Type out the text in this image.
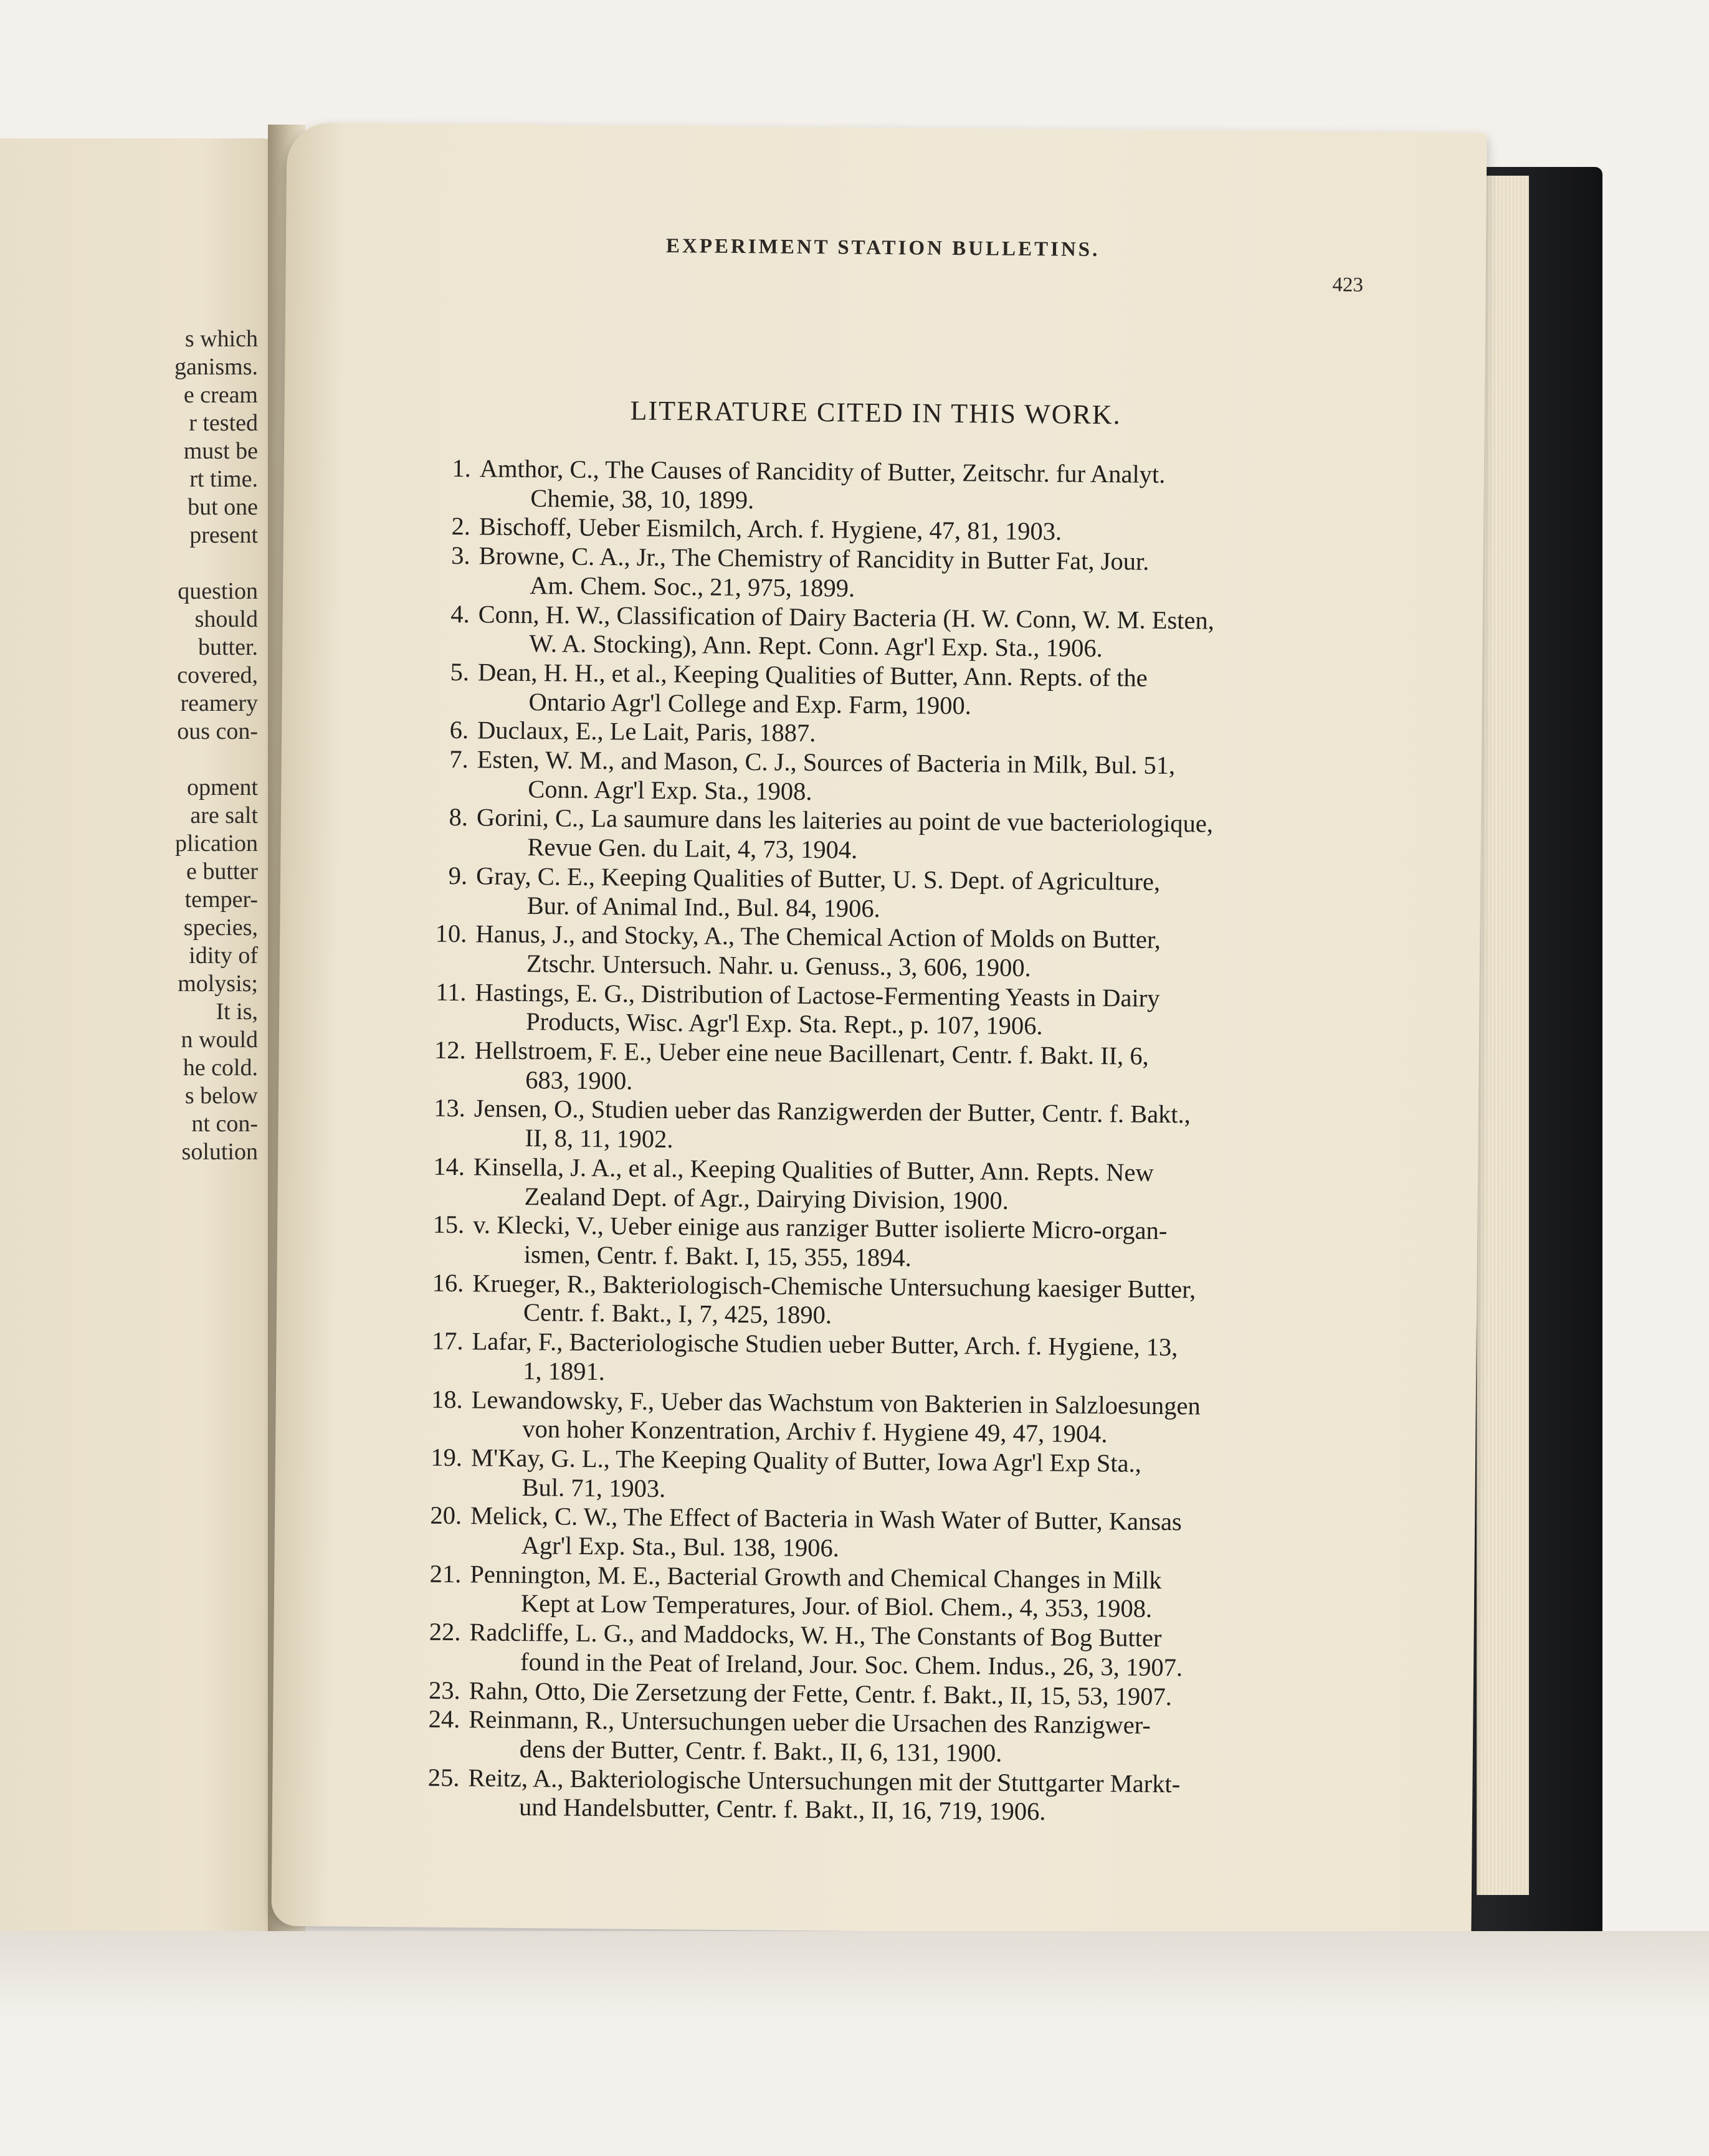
s which
ganisms.
e cream
r tested
must be
rt time.
but one
present
question
should
butter.
covered,
reamery
ous con-
opment
are salt
plication
e butter
temper-
species,
idity of
molysis;
It is,
n would
he cold.
s below
nt con-
solution
EXPERIMENT STATION BULLETINS.
423
LITERATURE CITED IN THIS WORK.
1. Amthor, C., The Causes of Rancidity of Butter, Zeitschr. fur Analyt.
Chemie, 38, 10, 1899.
2. Bischoff, Ueber Eismilch, Arch. f. Hygiene, 47, 81, 1903.
3. Browne, C. A., Jr., The Chemistry of Rancidity in Butter Fat, Jour.
Am. Chem. Soc., 21, 975, 1899.
4. Conn, H. W., Classification of Dairy Bacteria (H. W. Conn, W. M. Esten,
W. A. Stocking), Ann. Rept. Conn. Agr'l Exp. Sta., 1906.
5. Dean, H. H., et al., Keeping Qualities of Butter, Ann. Repts. of the
Ontario Agr'l College and Exp. Farm, 1900.
6. Duclaux, E., Le Lait, Paris, 1887.
7. Esten, W. M., and Mason, C. J., Sources of Bacteria in Milk, Bul. 51,
Conn. Agr'l Exp. Sta., 1908.
8. Gorini, C., La saumure dans les laiteries au point de vue bacteriologique,
Revue Gen. du Lait, 4, 73, 1904.
9. Gray, C. E., Keeping Qualities of Butter, U. S. Dept. of Agriculture,
Bur. of Animal Ind., Bul. 84, 1906.
10. Hanus, J., and Stocky, A., The Chemical Action of Molds on Butter,
Ztschr. Untersuch. Nahr. u. Genuss., 3, 606, 1900.
11. Hastings, E. G., Distribution of Lactose-Fermenting Yeasts in Dairy
Products, Wisc. Agr'l Exp. Sta. Rept., p. 107, 1906.
12. Hellstroem, F. E., Ueber eine neue Bacillenart, Centr. f. Bakt. II, 6,
683, 1900.
13. Jensen, O., Studien ueber das Ranzigwerden der Butter, Centr. f. Bakt.,
II, 8, 11, 1902.
14. Kinsella, J. A., et al., Keeping Qualities of Butter, Ann. Repts. New
Zealand Dept. of Agr., Dairying Division, 1900.
15. v. Klecki, V., Ueber einige aus ranziger Butter isolierte Micro-organ-
ismen, Centr. f. Bakt. I, 15, 355, 1894.
16. Krueger, R., Bakteriologisch-Chemische Untersuchung kaesiger Butter,
Centr. f. Bakt., I, 7, 425, 1890.
17. Lafar, F., Bacteriologische Studien ueber Butter, Arch. f. Hygiene, 13,
1, 1891.
18. Lewandowsky, F., Ueber das Wachstum von Bakterien in Salzloesungen
von hoher Konzentration, Archiv f. Hygiene 49, 47, 1904.
19. M'Kay, G. L., The Keeping Quality of Butter, Iowa Agr'l Exp Sta.,
Bul. 71, 1903.
20. Melick, C. W., The Effect of Bacteria in Wash Water of Butter, Kansas
Agr'l Exp. Sta., Bul. 138, 1906.
21. Pennington, M. E., Bacterial Growth and Chemical Changes in Milk
Kept at Low Temperatures, Jour. of Biol. Chem., 4, 353, 1908.
22. Radcliffe, L. G., and Maddocks, W. H., The Constants of Bog Butter
found in the Peat of Ireland, Jour. Soc. Chem. Indus., 26, 3, 1907.
23. Rahn, Otto, Die Zersetzung der Fette, Centr. f. Bakt., II, 15, 53, 1907.
24. Reinmann, R., Untersuchungen ueber die Ursachen des Ranzigwer-
dens der Butter, Centr. f. Bakt., II, 6, 131, 1900.
25. Reitz, A., Bakteriologische Untersuchungen mit der Stuttgarter Markt-
und Handelsbutter, Centr. f. Bakt., II, 16, 719, 1906.
